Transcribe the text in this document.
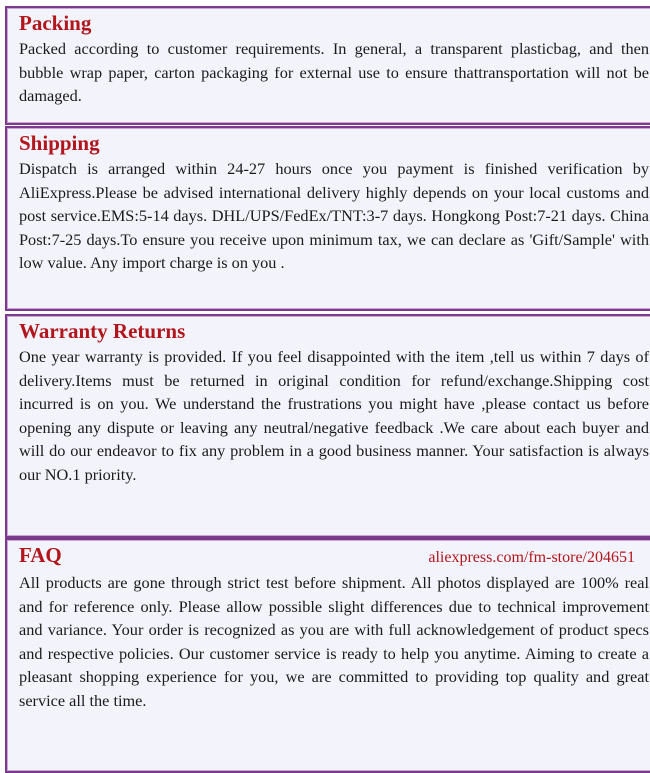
Packing

Packed according to customer requirements. In general, a transparent plasticbag, and then bubble wrap paper, carton packaging for external use to ensure thattransportation will not be damaged.

Shipping

Dispatch is arranged within 24-27 hours once you payment is finished verification by AliExpress.Please be advised international delivery highly depends on your local customs and post service.EMS:5-14 days. DHL/UPS/FedEx/TNT:3-7 days. Hongkong Post:7-21 days. China Post:7-25 days.To ensure you receive upon minimum tax, we can declare as 'Gift/Sample' with low value. Any import charge is on you .

Warranty Returns

One year warranty is provided. If you feel disappointed with the item ,tell us within 7 days of delivery.Items must be returned in original condition for refund/exchange.Shipping cost incurred is on you. We understand the frustrations you might have ,please contact us before opening any dispute or leaving any neutral/negative feedback .We care about each buyer and will do our endeavor to fix any problem in a good business manner. Your satisfaction is always our NO.1 priority.

FAQ	aliexpress.com/fm-store/204651

All products are gone through strict test before shipment. All photos displayed are 100% real and for reference only. Please allow possible slight differences due to technical improvement and variance. Your order is recognized as you are with full acknowledgement of product specs and respective policies. Our customer service is ready to help you anytime. Aiming to create a pleasant shopping experience for you, we are committed to providing top quality and great service all the time.
